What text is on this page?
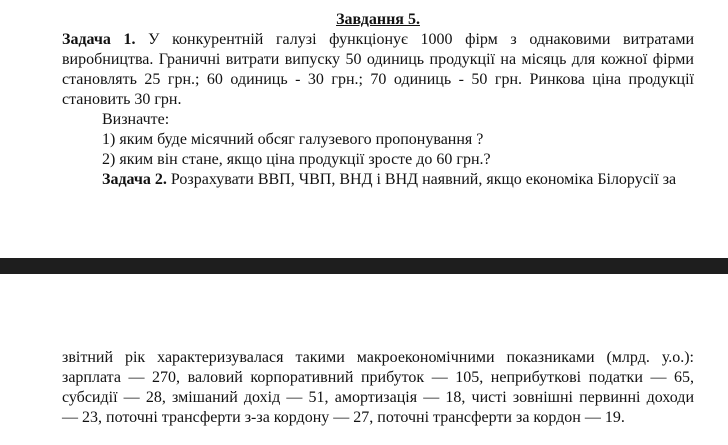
Завдання 5.

Задача 1. У конкурентній галузі функціонує 1000 фірм з однаковими витратами виробництва. Граничні витрати випуску 50 одиниць продукції на місяць для кожної фірми становлять 25 грн.; 60 одиниць - 30 грн.; 70 одиниць - 50 грн. Ринкова ціна продукції становить 30 грн.

Визначте:

1) яким буде місячний обсяг галузевого пропонування ?

2) яким він стане, якщо ціна продукції зросте до 60 грн.?

Задача 2. Розрахувати ВВП, ЧВП, ВНД і ВНД наявний, якщо економіка Білорусії за

звітний рік характеризувалася такими макроекономічними показниками (млрд. у.о.):

зарплата — 270, валовий корпоративний прибуток — 105, неприбуткові податки — 65,

субсидії — 28, змішаний дохід — 51, амортизація — 18, чисті зовнішні первинні доходи

— 23, поточні трансферти з-за кордону — 27, поточні трансферти за кордон — 19.
